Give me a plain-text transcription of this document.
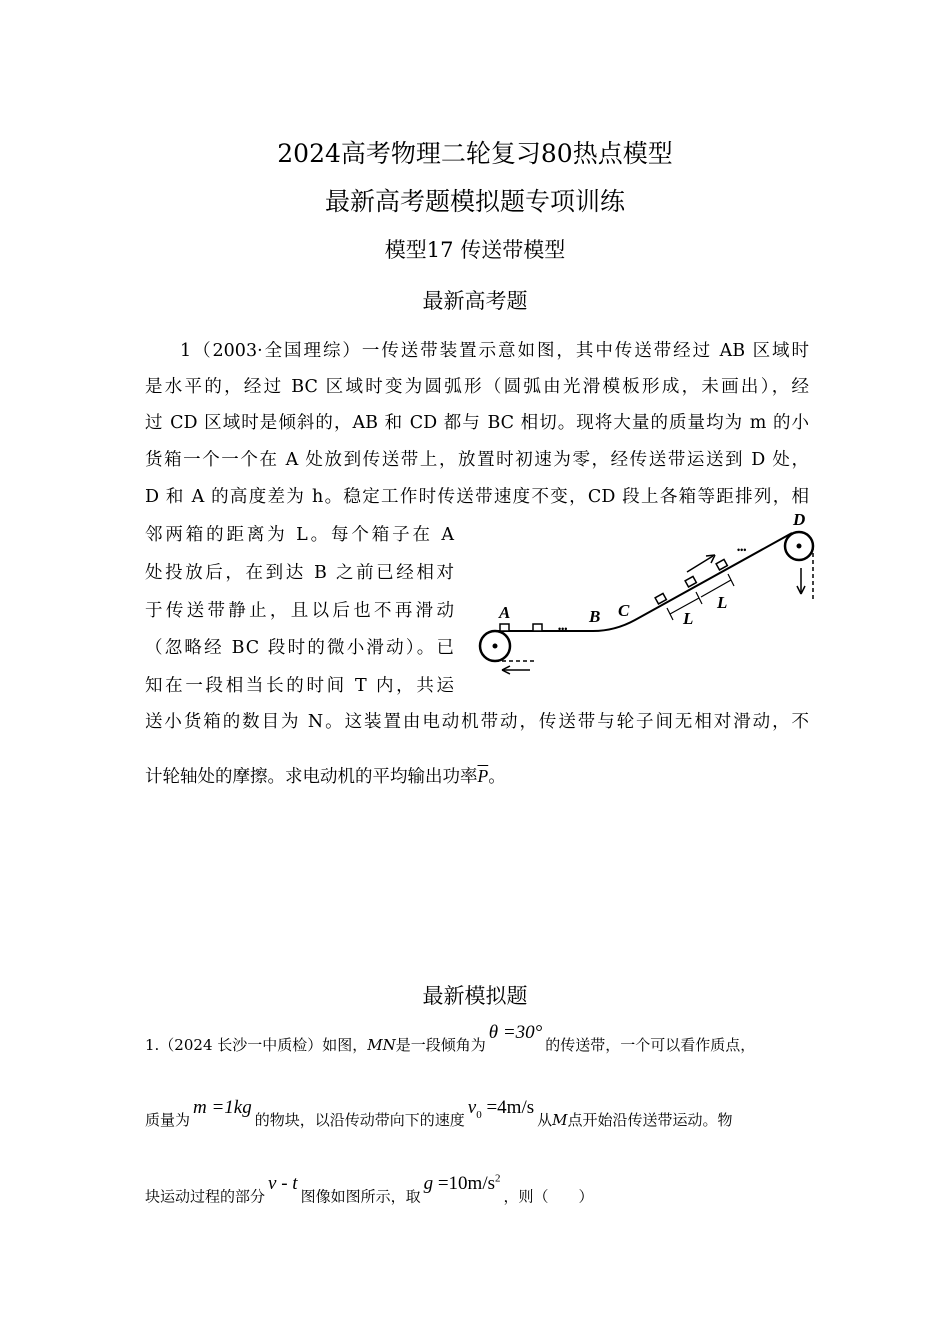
2024高考物理二轮复习80热点模型
最新高考题模拟题专项训练
模型17 传送带模型
最新高考题
1（2003·全国理综）一传送带装置示意如图，其中传送带经过 AB 区域时
是水平的，经过 BC 区域时变为圆弧形（圆弧由光滑模板形成，未画出），经
过 CD 区域时是倾斜的，AB 和 CD 都与 BC 相切。现将大量的质量均为 m 的小
货箱一个一个在 A 处放到传送带上，放置时初速为零，经传送带运送到 D 处，
D 和 A 的高度差为 h。稳定工作时传送带速度不变，CD 段上各箱等距排列，相
邻两箱的距离为 L。每个箱子在 A
处投放后，在到达 B 之前已经相对
于传送带静止，且以后也不再滑动
（忽略经 BC 段时的微小滑动）。已
知在一段相当长的时间 T 内，共运
送小货箱的数目为 N。这装置由电动机带动，传送带与轮子间无相对滑动，不
计轮轴处的摩擦。求电动机的平均输出功率$\overline{P}$。
A	B C
D
L
L
•••
•••
最新模拟题
1.（2024 长沙一中质检）如图，MN是一段倾角为θ =30°的传送带，一个可以看作质点，
质量为m =1kg的物块，以沿传动带向下的速度$v_0 =4m/s$从M点开始沿传送带运动。物
块运动过程的部分v - t图像如图所示，取$g =10m/s^2$，则（　　）
